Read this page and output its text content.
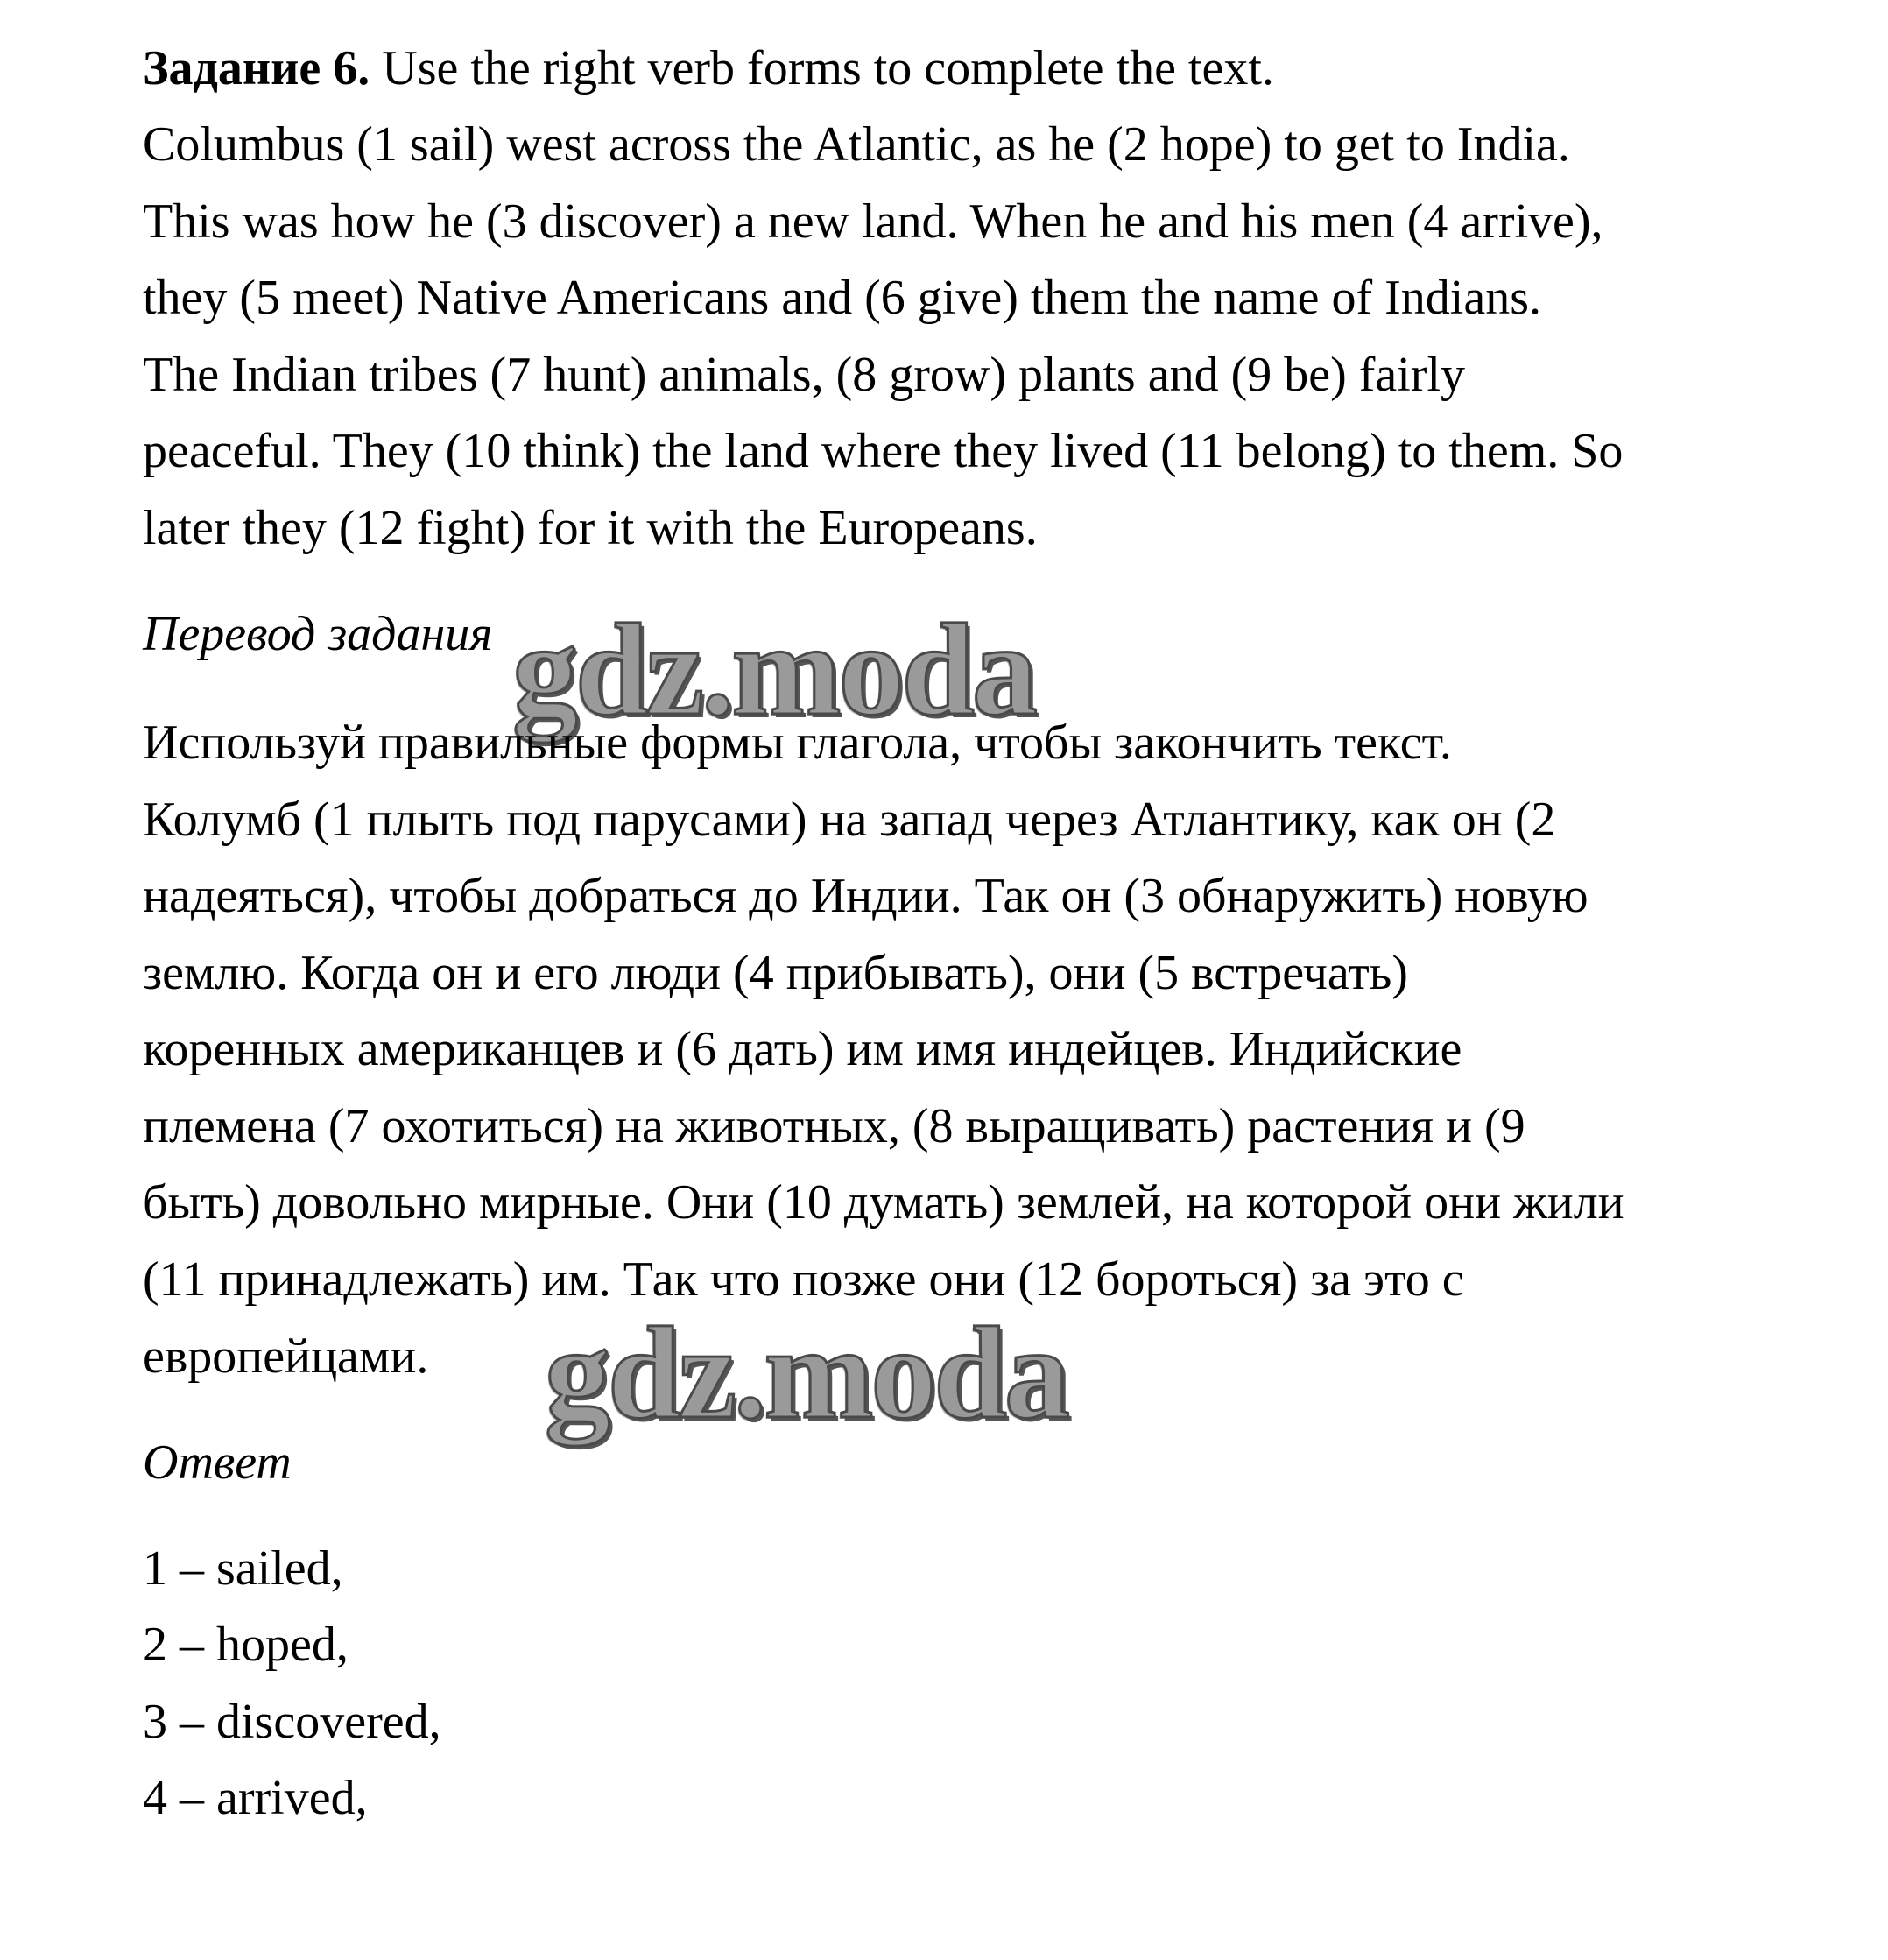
Задание 6. Use the right verb forms to complete the text.
Columbus (1 sail) west across the Atlantic, as he (2 hope) to get to India.
This was how he (3 discover) a new land. When he and his men (4 arrive),
they (5 meet) Native Americans and (6 give) them the name of Indians.
The Indian tribes (7 hunt) animals, (8 grow) plants and (9 be) fairly
peaceful. They (10 think) the land where they lived (11 belong) to them. So
later they (12 fight) for it with the Europeans.
Перевод задания gdz.moda
Используй правильные формы глагола, чтобы закончить текст.
Колумб (1 плыть под парусами) на запад через Атлантику, как он (2
надеяться), чтобы добраться до Индии. Так он (3 обнаружить) новую
землю. Когда он и его люди (4 прибывать), они (5 встречать)
коренных американцев и (6 дать) им имя индейцев. Индийские
племена (7 охотиться) на животных, (8 выращивать) растения и (9
быть) довольно мирные. Они (10 думать) землей, на которой они жили
(11 принадлежать) им. Так что позже они (12 бороться) за это с
европейцами. gdz.moda
Ответ
1 – sailed,
2 – hoped,
3 – discovered,
4 – arrived,
